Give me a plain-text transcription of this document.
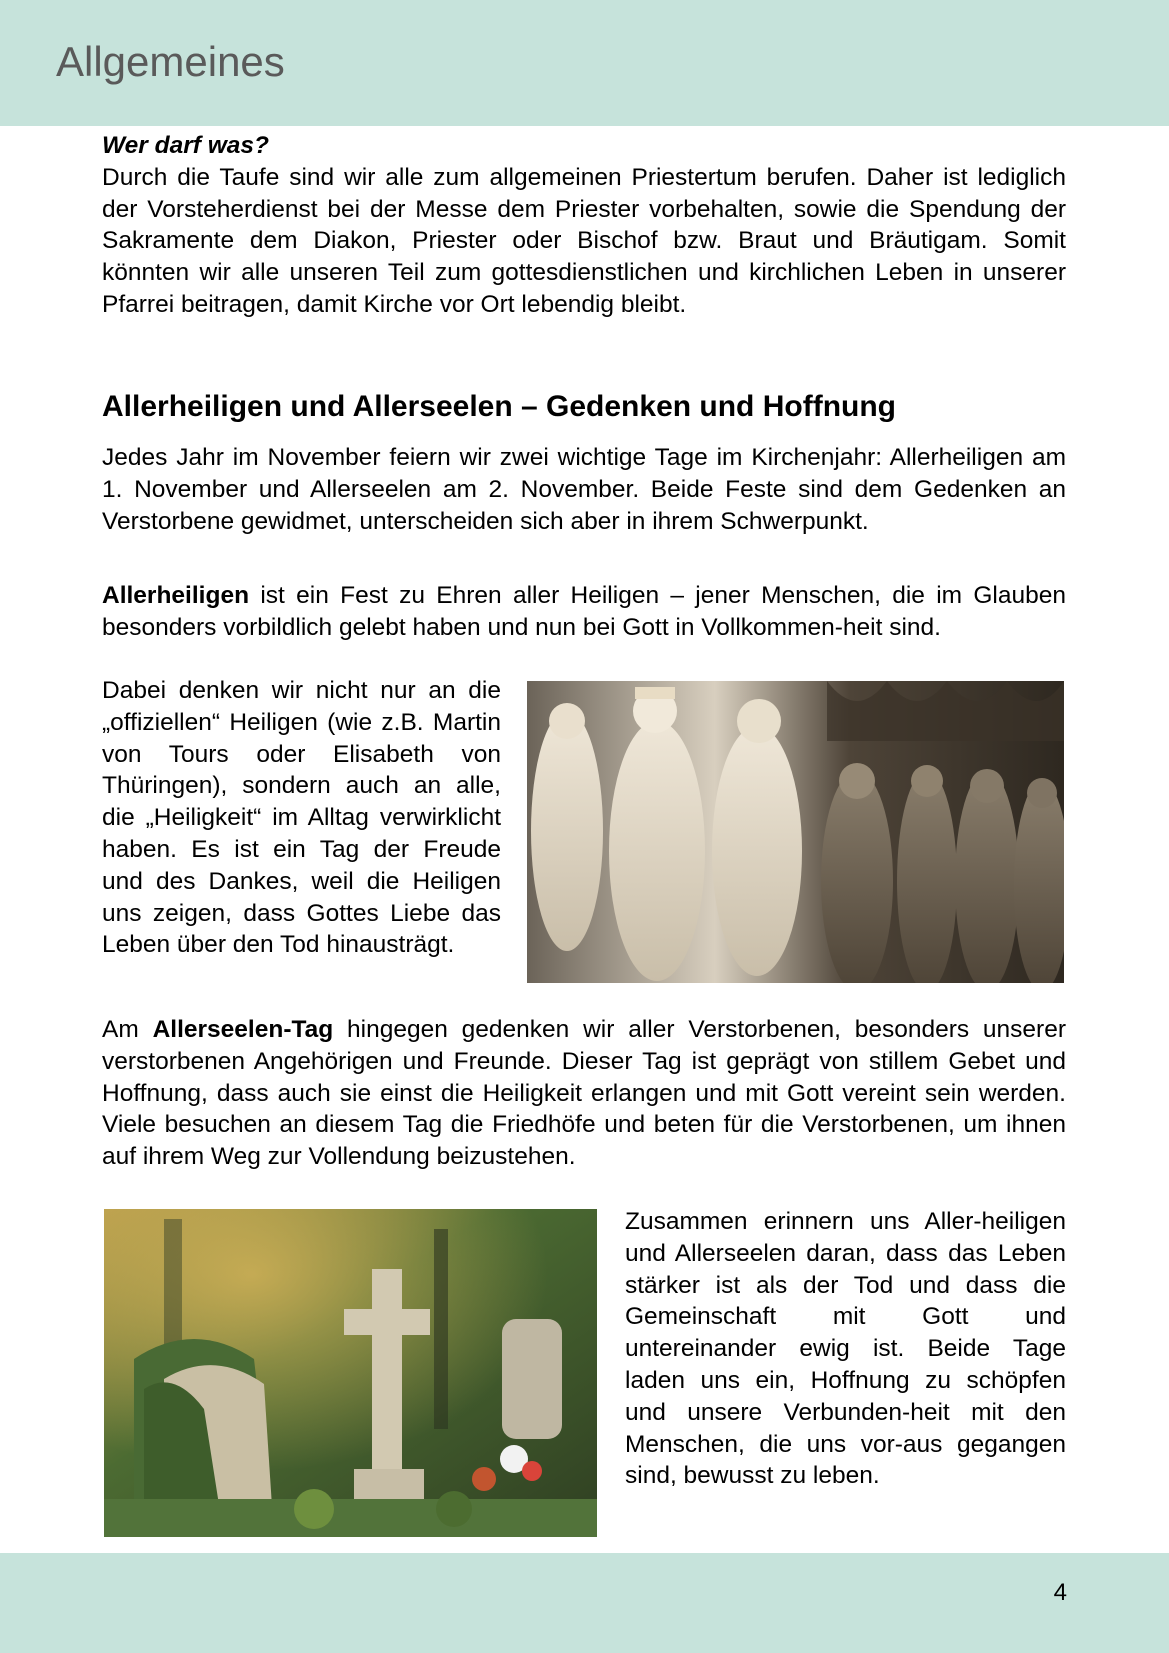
Allgemeines

Wer darf was?
Durch die Taufe sind wir alle zum allgemeinen Priestertum berufen. Daher ist lediglich der Vorsteherdienst bei der Messe dem Priester vorbehalten, sowie die Spendung der Sakramente dem Diakon, Priester oder Bischof bzw. Braut und Bräutigam. Somit könnten wir alle unseren Teil zum gottesdienstlichen und kirchlichen Leben in unserer Pfarrei beitragen, damit Kirche vor Ort lebendig bleibt.

Allerheiligen und Allerseelen – Gedenken und Hoffnung

Jedes Jahr im November feiern wir zwei wichtige Tage im Kirchenjahr: Allerheiligen am 1. November und Allerseelen am 2. November. Beide Feste sind dem Gedenken an Verstorbene gewidmet, unterscheiden sich aber in ihrem Schwerpunkt.

Allerheiligen ist ein Fest zu Ehren aller Heiligen – jener Menschen, die im Glauben besonders vorbildlich gelebt haben und nun bei Gott in Vollkommen-heit sind.

Dabei denken wir nicht nur an die „offiziellen“ Heiligen (wie z.B. Martin von Tours oder Elisabeth von Thüringen), sondern auch an alle, die „Heiligkeit“ im Alltag verwirklicht haben. Es ist ein Tag der Freude und des Dankes, weil die Heiligen uns zeigen, dass Gottes Liebe das Leben über den Tod hinausträgt.

Am Allerseelen-Tag hingegen gedenken wir aller Verstorbenen, besonders unserer verstorbenen Angehörigen und Freunde. Dieser Tag ist geprägt von stillem Gebet und Hoffnung, dass auch sie einst die Heiligkeit erlangen und mit Gott vereint sein werden. Viele besuchen an diesem Tag die Friedhöfe und beten für die Verstorbenen, um ihnen auf ihrem Weg zur Vollendung beizustehen.

Zusammen erinnern uns Aller-heiligen und Allerseelen daran, dass das Leben stärker ist als der Tod und dass die Gemeinschaft mit Gott und untereinander ewig ist. Beide Tage laden uns ein, Hoffnung zu schöpfen und unsere Verbunden-heit mit den Menschen, die uns vor-aus gegangen sind, bewusst zu leben.

4
